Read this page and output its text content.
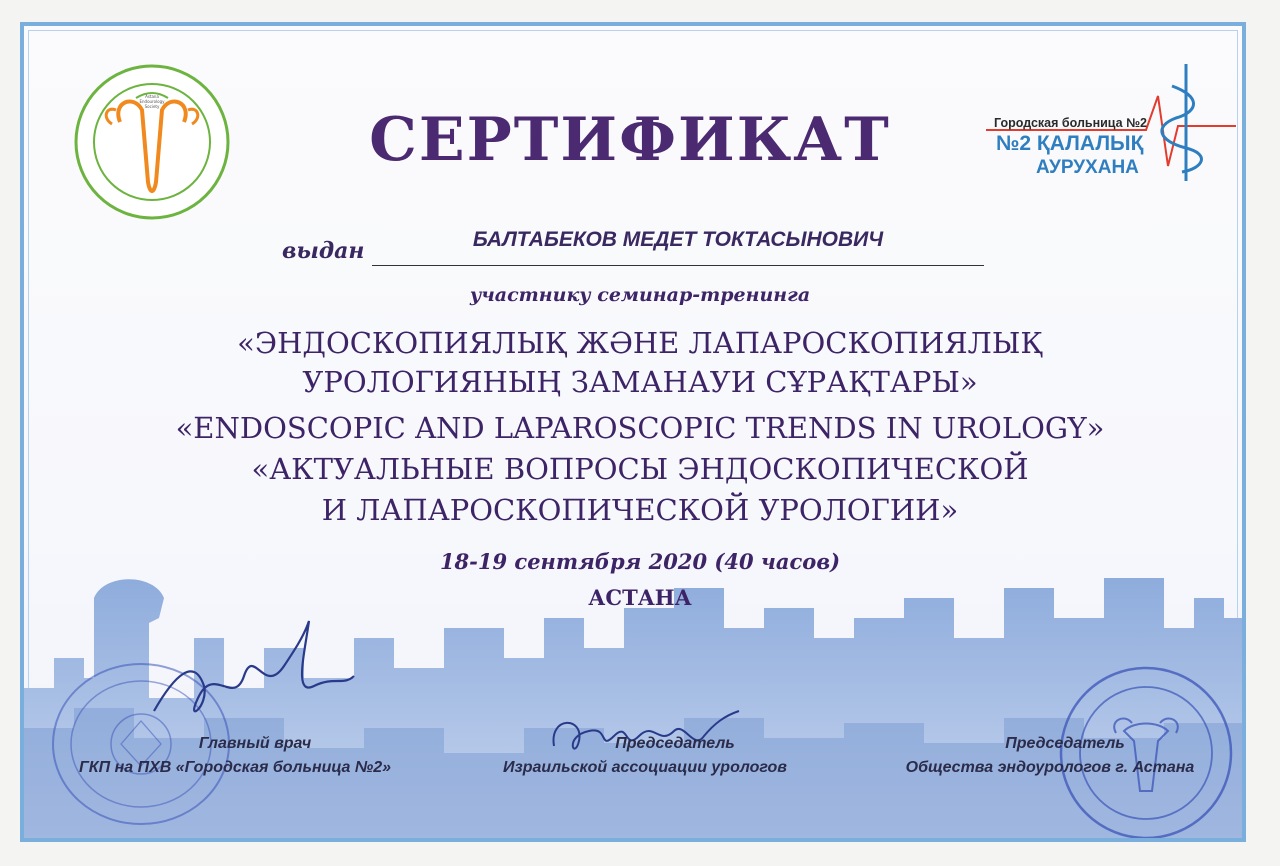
Городская больница №2
№2 ҚАЛАЛЫҚ
АУРУХАНА
Astana Endourology Society	СЕРТИФИКАТ
выдан	БАЛТАБЕКОВ МЕДЕТ ТОКТАСЫНОВИЧ
участнику семинар-тренинга
«ЭНДОСКОПИЯЛЫҚ ЖӘНЕ ЛАПАРОСКОПИЯЛЫҚ
УРОЛОГИЯНЫҢ ЗАМАНАУИ СҰРАҚТАРЫ»
«ENDOSCOPIC AND LAPAROSCOPIC TRENDS IN UROLOGY»
«АКТУАЛЬНЫЕ ВОПРОСЫ ЭНДОСКОПИЧЕСКОЙ
И ЛАПАРОСКОПИЧЕСКОЙ УРОЛОГИИ»
18-19 сентября 2020 (40 часов)
АСТАНА
Главный врач
ГКП на ПХВ «Городская больница №2»
Председатель
Израильской ассоциации урологов
Председатель
Общества эндоурологов г. Астана
